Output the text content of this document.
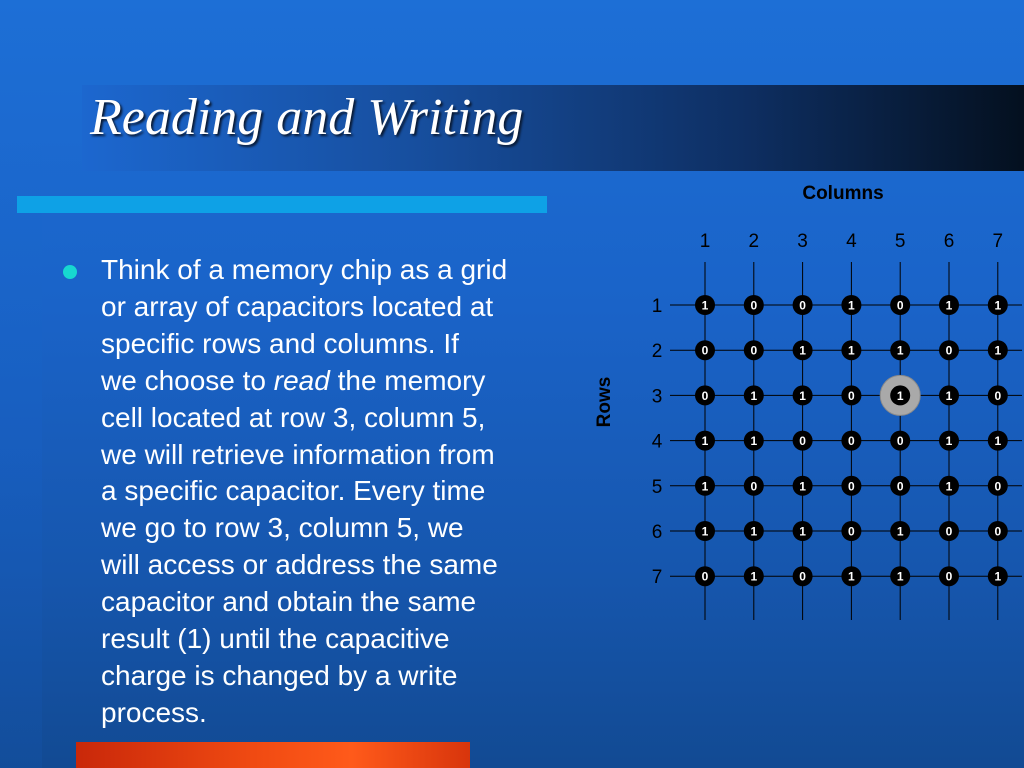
Reading and Writing

Think of a memory chip as a grid
or array of capacitors located at
specific rows and columns. If
we choose to read the memory
cell located at row 3, column 5,
we will retrieve information from
a specific capacitor. Every time
we go to row 3, column 5, we
will access or address the same
capacitor and obtain the same
result (1) until the capacitive
charge is changed by a write
process.

Columns
Rows
1 2 3 4 5 6 7
1
2
3
4
5
6
7
1	0	0	1	0	1	1
0	0	1	1	1	0	1
0	1	1	0	1	1	0
1	1	0	0	0	1	1
1	0	1	0	0	1	0
1	1	1	0	1	0	0
0	1	0	1	1	0	1
